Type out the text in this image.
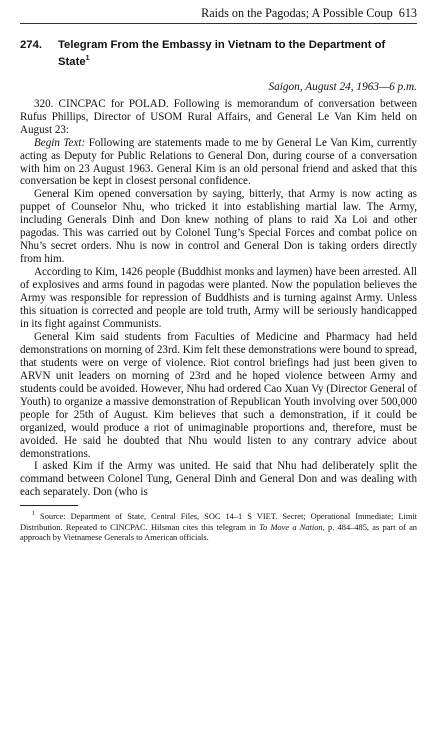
Raids on the Pagodas; A Possible Coup 613
274.	Telegram From the Embassy in Vietnam to the Department of State$^1$
Saigon, August 24, 1963—6 p.m.

320. CINCPAC for POLAD. Following is memorandum of conversation between Rufus Phillips, Director of USOM Rural Affairs, and General Le Van Kim held on August 23:

Begin Text: Following are statements made to me by General Le Van Kim, currently acting as Deputy for Public Relations to General Don, during course of a conversation with him on 23 August 1963. General Kim is an old personal friend and asked that this conversation be kept in closest personal confidence.

General Kim opened conversation by saying, bitterly, that Army is now acting as puppet of Counselor Nhu, who tricked it into establishing martial law. The Army, including Generals Dinh and Don knew nothing of plans to raid Xa Loi and other pagodas. This was carried out by Colonel Tung’s Special Forces and combat police on Nhu’s secret orders. Nhu is now in control and General Don is taking orders directly from him.

According to Kim, 1426 people (Buddhist monks and laymen) have been arrested. All of explosives and arms found in pagodas were planted. Now the population believes the Army was responsible for repression of Buddhists and is turning against Army. Unless this situation is corrected and people are told truth, Army will be seriously handicapped in its fight against Communists.

General Kim said students from Faculties of Medicine and Pharmacy had held demonstrations on morning of 23rd. Kim felt these demonstrations were bound to spread, that students were on verge of violence. Riot control briefings had just been given to ARVN unit leaders on morning of 23rd and he hoped violence between Army and students could be avoided. However, Nhu had ordered Cao Xuan Vy (Director General of Youth) to organize a massive demonstration of Republican Youth involving over 500,000 people for 25th of August. Kim believes that such a demonstration, if it could be organized, would produce a riot of unimaginable proportions and, therefore, must be avoided. He said he doubted that Nhu would listen to any contrary advice about demonstrations.

I asked Kim if the Army was united. He said that Nhu had deliberately split the command between Colonel Tung, General Dinh and General Don and was dealing with each separately. Don (who is

$^1$ Source: Department of State, Central Files, SOC 14–1 S VIET. Secret; Operational Immediate; Limit Distribution. Repeated to CINCPAC. Hilsman cites this telegram in To Move a Nation, p. 484–485, as part of an approach by Vietnamese Generals to American officials.
